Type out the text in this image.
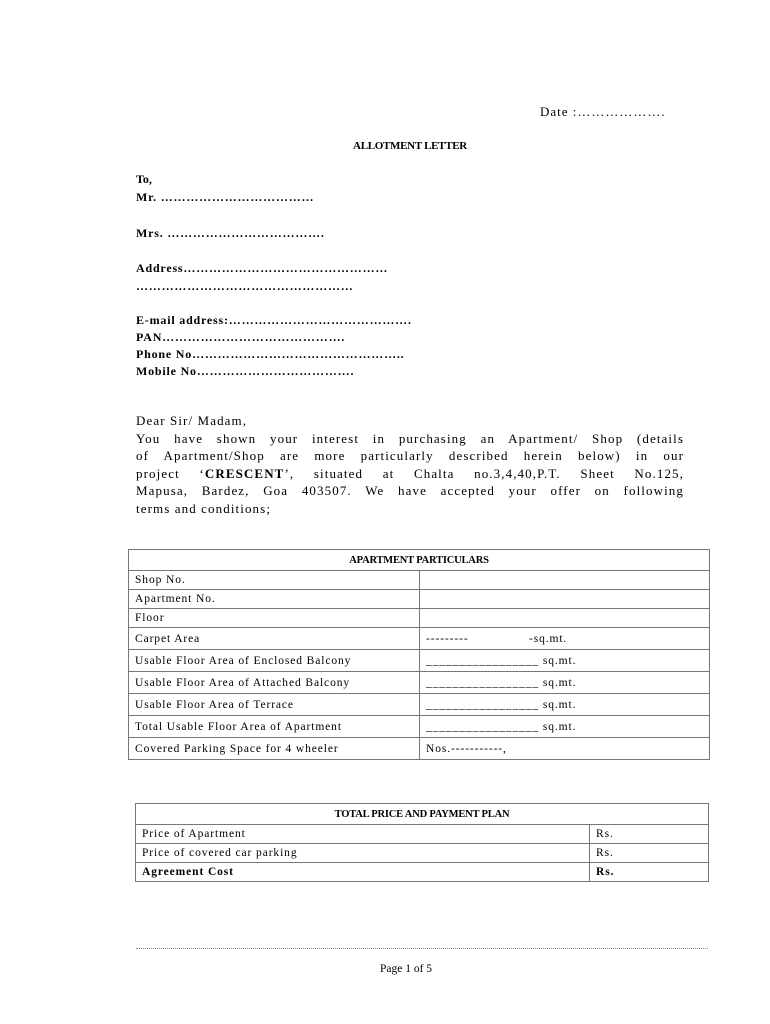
Date :……………….
ALLOTMENT LETTER
To,
Mr. ………………………………
Mrs. ……………………………….
Address…………………………………………
……………………………………………
E-mail address:…………………………………….
PAN…………………………………….
Phone No…………………………………………..
Mobile No……………………………….
Dear Sir/ Madam,
You have shown your interest in purchasing an Apartment/ Shop (details
of Apartment/Shop are more particularly described herein below) in our
project ‘CRESCENT’, situated at Chalta no.3,4,40,P.T. Sheet No.125,
Mapusa, Bardez, Goa 403507. We have accepted your offer on following
terms and conditions;
APARTMENT PARTICULARS	
Shop No.	
Apartment No.	
Floor	
Carpet Area	---------                -sq.mt.
Usable Floor Area of Enclosed Balcony	_________________ sq.mt.
Usable Floor Area of Attached Balcony	_________________ sq.mt.
Usable Floor Area of Terrace	_________________ sq.mt.
Total Usable Floor Area of Apartment	_________________ sq.mt.
Covered Parking Space for 4 wheeler	Nos.-----------,
TOTAL PRICE AND PAYMENT PLAN	
Price of Apartment	Rs.
Price of covered car parking	Rs.
Agreement Cost	Rs.
Page 1 of 5
